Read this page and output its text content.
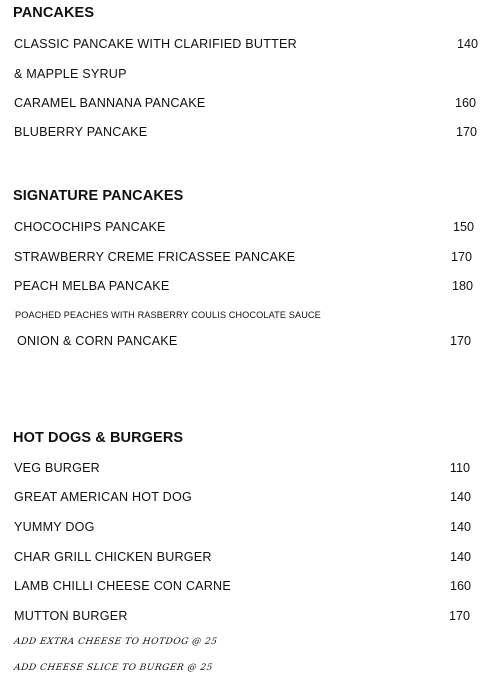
PANCAKES
CLASSIC PANCAKE WITH CLARIFIED BUTTER	140
& MAPPLE SYRUP
CARAMEL BANNANA PANCAKE	160
BLUBERRY PANCAKE	170
SIGNATURE PANCAKES
CHOCOCHIPS PANCAKE	150
STRAWBERRY CREME FRICASSEE PANCAKE	170
PEACH MELBA PANCAKE	180
POACHED PEACHES WITH RASBERRY COULIS CHOCOLATE SAUCE
ONION & CORN PANCAKE	170
HOT DOGS & BURGERS
VEG BURGER	110
GREAT AMERICAN HOT DOG	140
YUMMY DOG	140
CHAR GRILL CHICKEN BURGER	140
LAMB CHILLI CHEESE CON CARNE	160
MUTTON BURGER	170
ADD EXTRA CHEESE TO HOTDOG @ 25
ADD CHEESE SLICE TO BURGER @ 25
